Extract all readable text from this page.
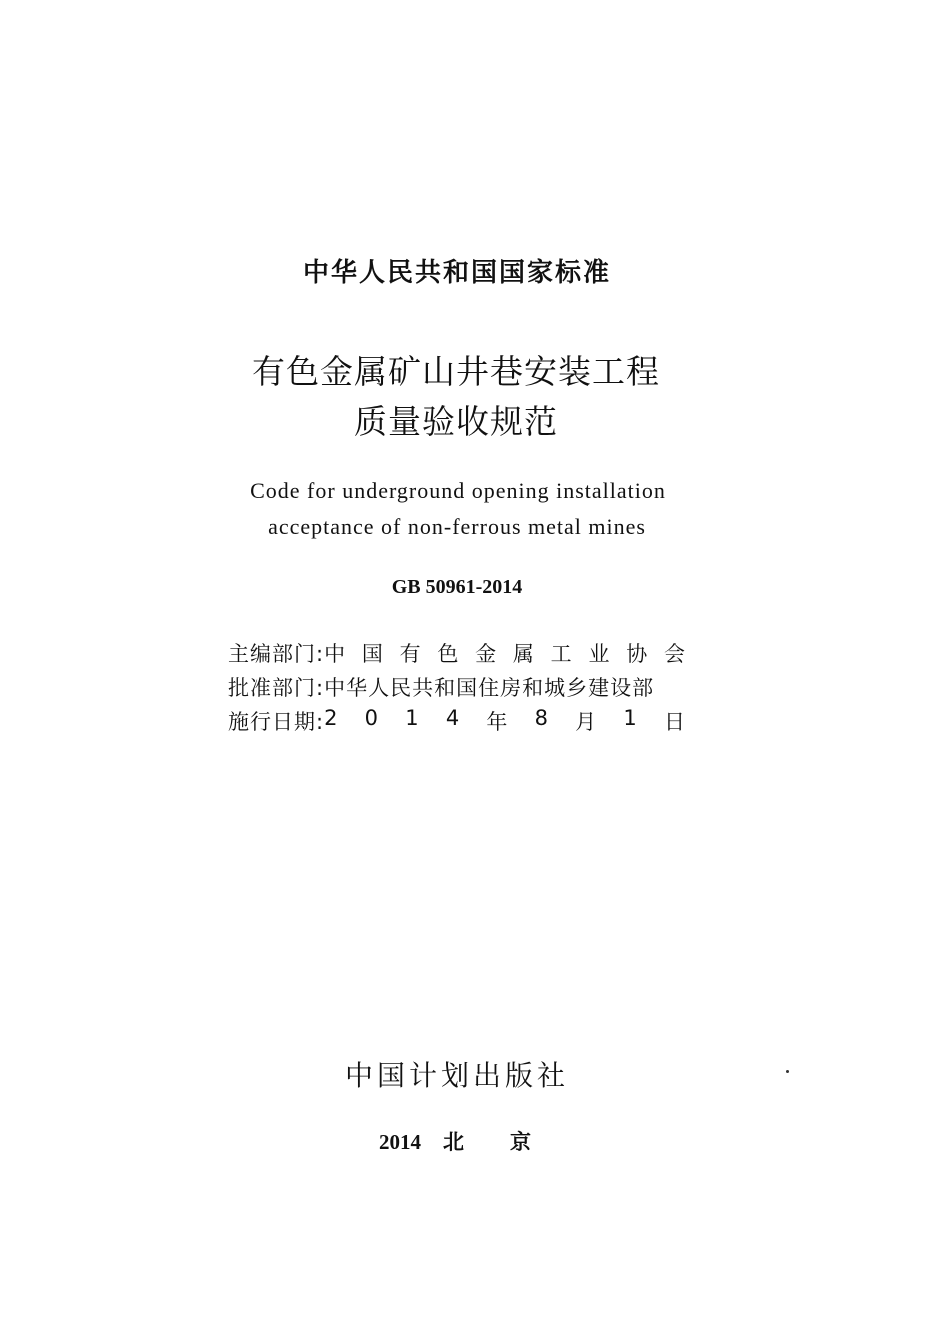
中华人民共和国国家标准
有色金属矿山井巷安装工程
质量验收规范
Code for underground opening installation
acceptance of non-ferrous metal mines
GB 50961-2014
主编部门: 中 国 有 色 金 属 工 业 协 会
批准部门: 中华人民共和国住房和城乡建设部
施行日期: 2 0 1 4 年 8 月 1 日
中国计划出版社
2014 北 京
